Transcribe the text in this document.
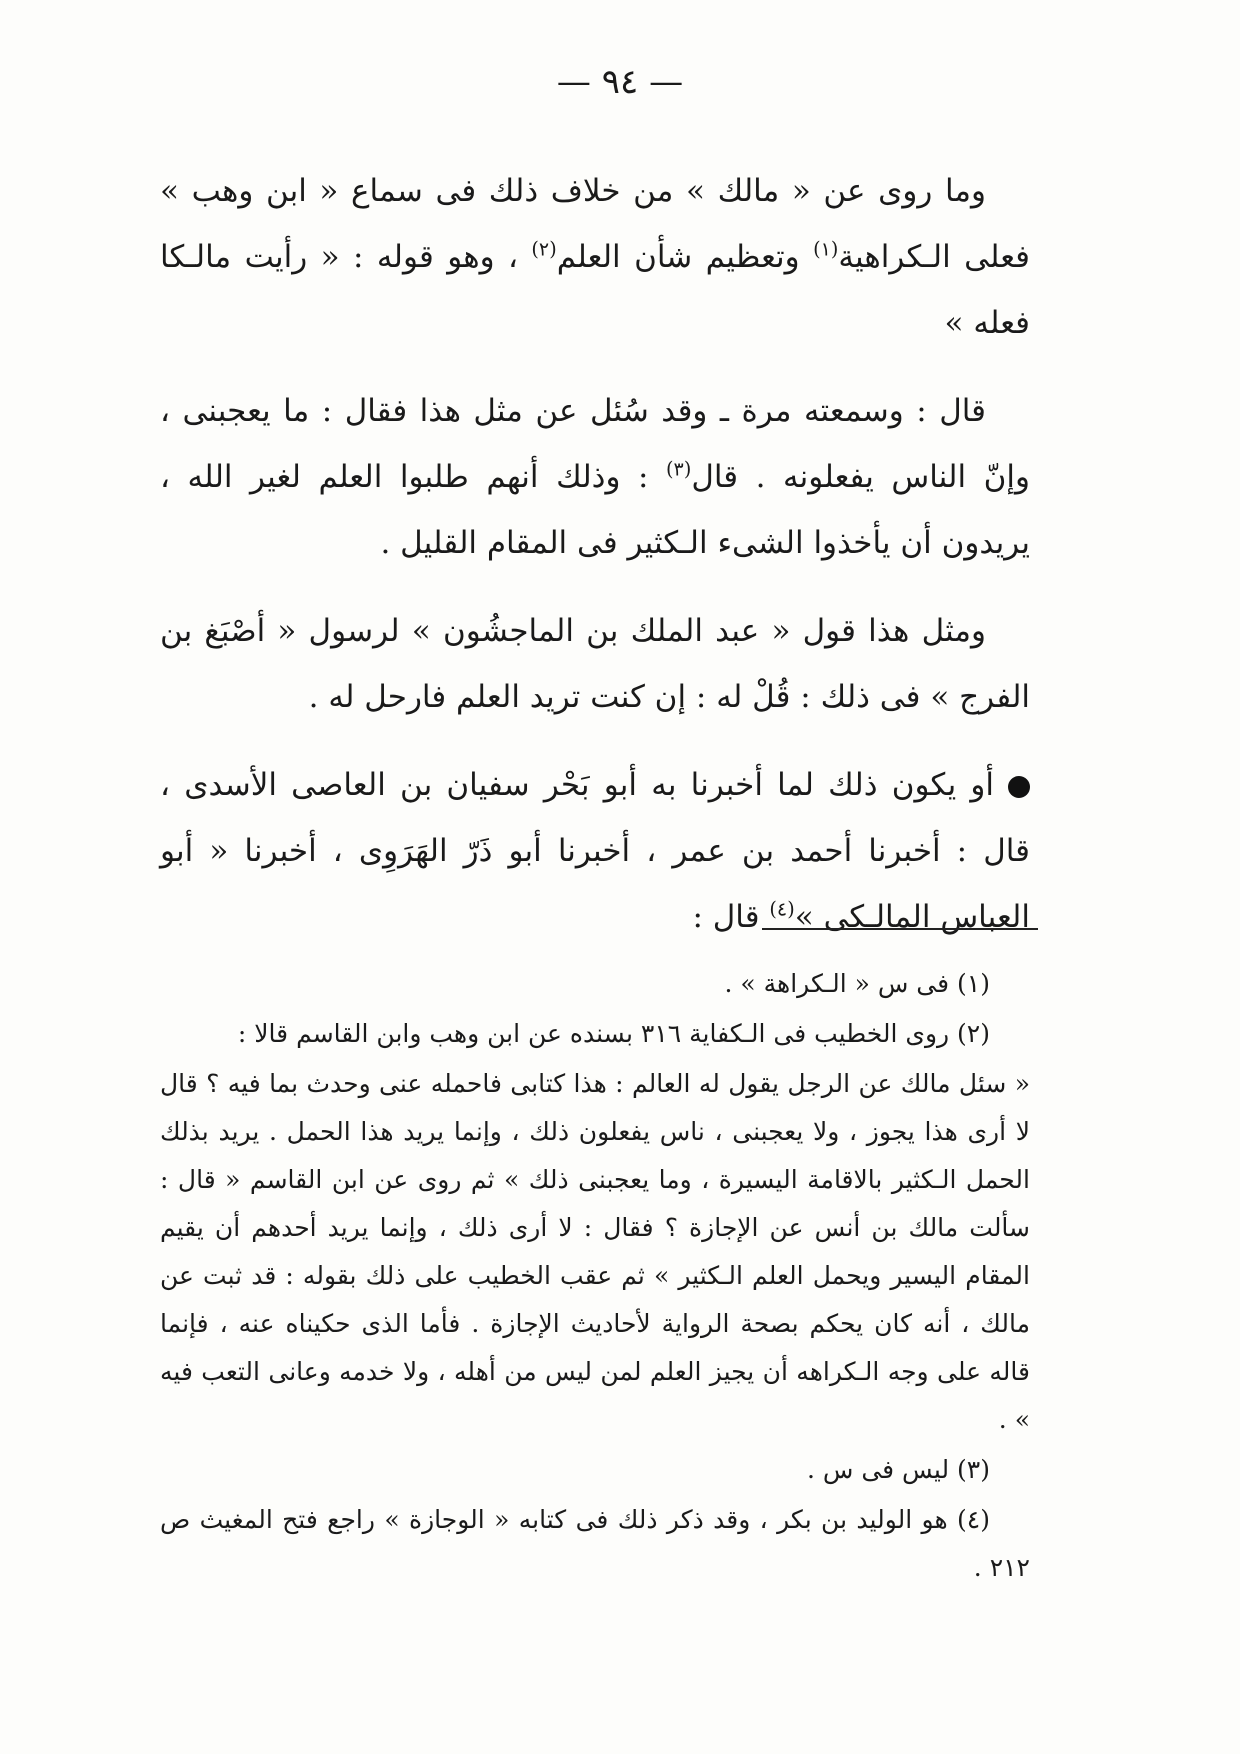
— ٩٤ —

وما روى عن « مالك » من خلاف ذلك فى سماع « ابن وهب » فعلى الـكراهية$^{(١)}$ وتعظيم شأن العلم$^{(٢)}$ ، وهو قوله : « رأيت مالـكا فعله »

قال : وسمعته مرة ـ وقد سُئل عن مثل هذا فقال : ما يعجبنى ، وإنّ الناس يفعلونه . قال$^{(٣)}$ : وذلك أنهم طلبوا العلم لغير الله ، يريدون أن يأخذوا الشىء الـكثير فى المقام القليل .

ومثل هذا قول « عبد الملك بن الماجشُون » لرسول « أصْبَغ بن الفرج » فى ذلك : قُلْ له : إن كنت تريد العلم فارحل له .

أو يكون ذلك لما أخبرنا به أبو بَحْر سفيان بن العاصى الأسدى ، قال : أخبرنا أحمد بن عمر ، أخبرنا أبو ذَرّ الهَرَوِى ، أخبرنا « أبو العباس المالـكى »$^{(٤)}$ قال :

(١) فى س « الـكراهة » .

(٢) روى الخطيب فى الـكفاية ٣١٦ بسنده عن ابن وهب وابن القاسم قالا :

« سئل مالك عن الرجل يقول له العالم : هذا كتابى فاحمله عنى وحدث بما فيه ؟ قال لا أرى هذا يجوز ، ولا يعجبنى ، ناس يفعلون ذلك ، وإنما يريد هذا الحمل . يريد بذلك الحمل الـكثير بالاقامة اليسيرة ، وما يعجبنى ذلك » ثم روى عن ابن القاسم « قال : سألت مالك بن أنس عن الإجازة ؟ فقال : لا أرى ذلك ، وإنما يريد أحدهم أن يقيم المقام اليسير ويحمل العلم الـكثير » ثم عقب الخطيب على ذلك بقوله : قد ثبت عن مالك ، أنه كان يحكم بصحة الرواية لأحاديث الإجازة . فأما الذى حكيناه عنه ، فإنما قاله على وجه الـكراهه أن يجيز العلم لمن ليس من أهله ، ولا خدمه وعانى التعب فيه » .

(٣) ليس فى س .

(٤) هو الوليد بن بكر ، وقد ذكر ذلك فى كتابه « الوجازة » راجع فتح المغيث ص ٢١٢ .
